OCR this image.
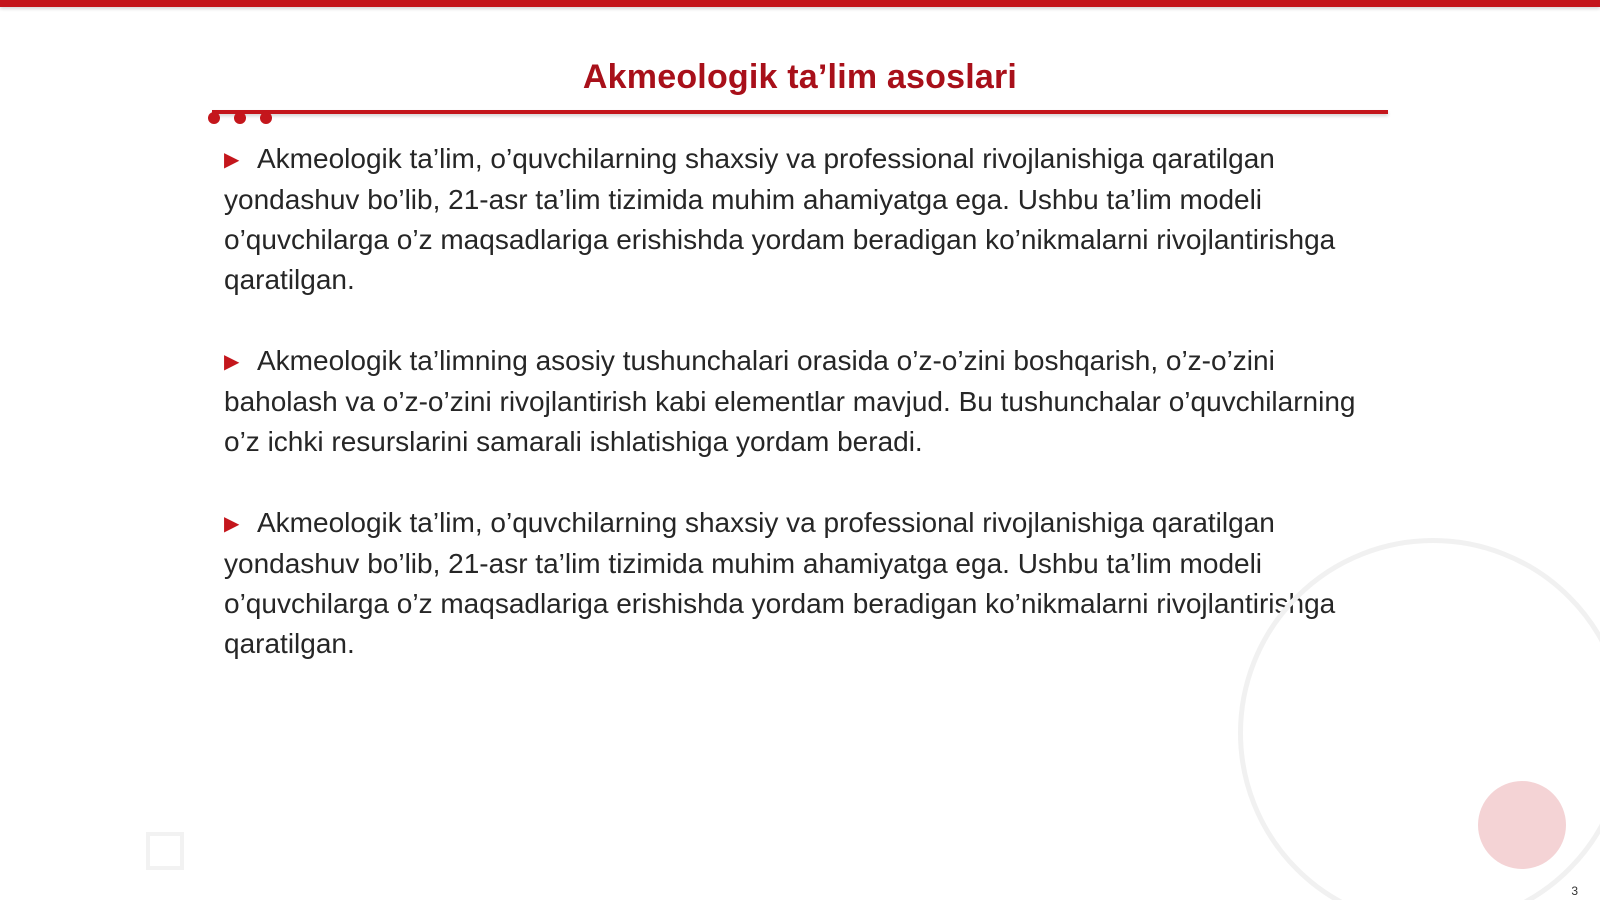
Akmeologik ta’lim asoslari
▶ Akmeologik ta’lim, o’quvchilarning shaxsiy va professional rivojlanishiga qaratilgan yondashuv bo’lib, 21-asr ta’lim tizimida muhim ahamiyatga ega. Ushbu ta’lim modeli o’quvchilarga o’z maqsadlariga erishishda yordam beradigan ko’nikmalarni rivojlantirishga qaratilgan.
▶ Akmeologik ta’limning asosiy tushunchalari orasida o’z-o’zini boshqarish, o’z-o’zini baholash va o’z-o’zini rivojlantirish kabi elementlar mavjud. Bu tushunchalar o’quvchilarning o’z ichki resurslarini samarali ishlatishiga yordam beradi.
▶ Akmeologik ta’lim, o’quvchilarning shaxsiy va professional rivojlanishiga qaratilgan yondashuv bo’lib, 21-asr ta’lim tizimida muhim ahamiyatga ega. Ushbu ta’lim modeli o’quvchilarga o’z maqsadlariga erishishda yordam beradigan ko’nikmalarni rivojlantirishga qaratilgan.
3
